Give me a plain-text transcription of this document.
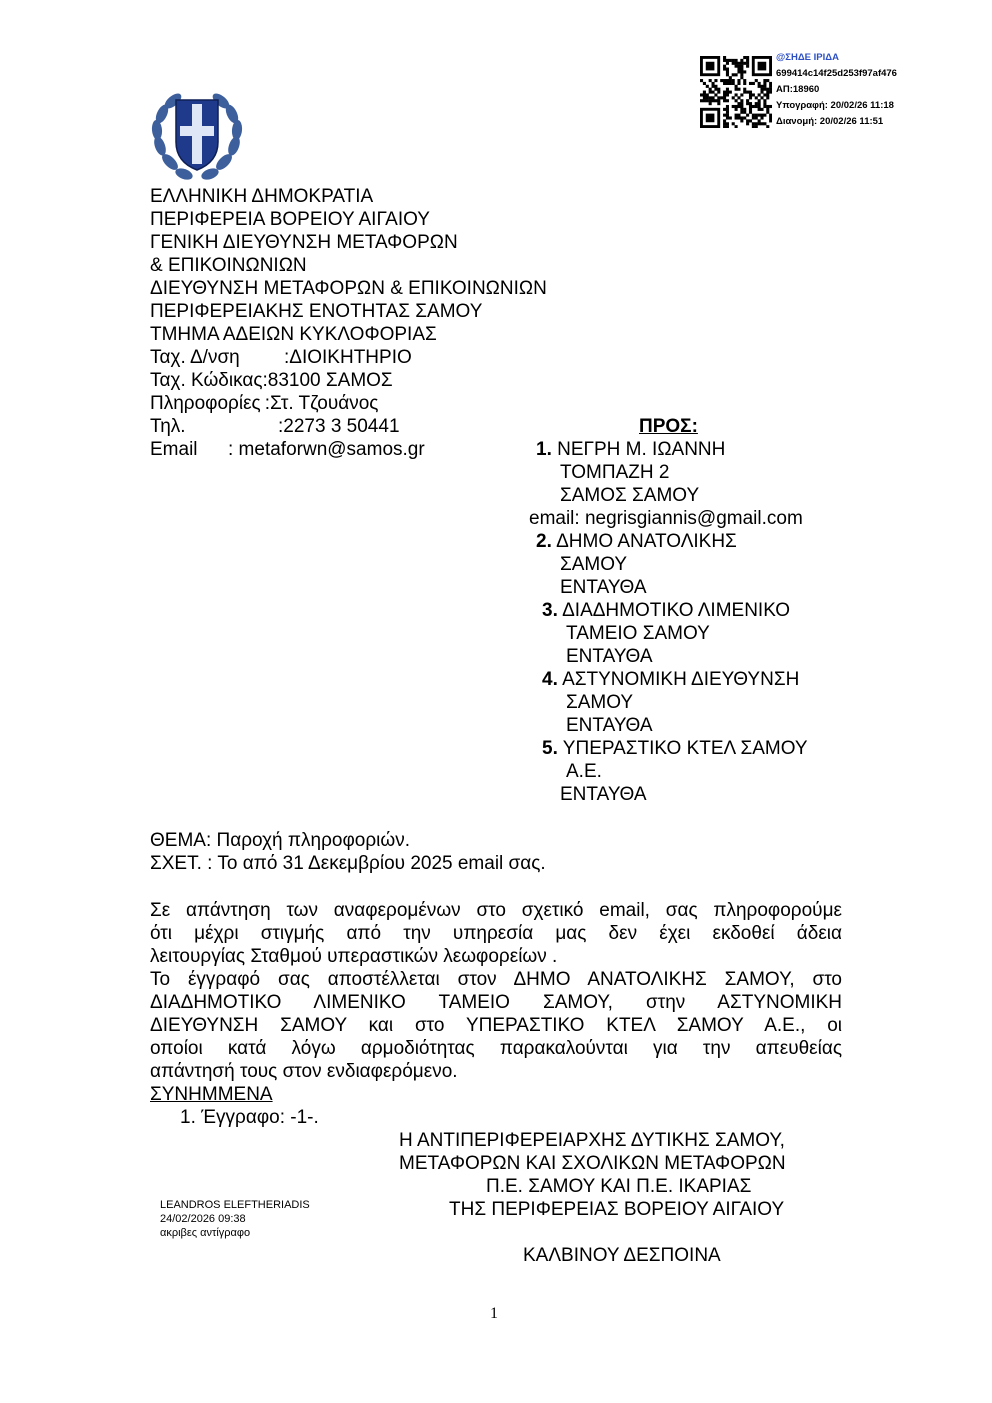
@ΣΗΔΕ ΙΡΙΔΑ
699414c14f25d253f97af476
ΑΠ:18960
Υπογραφή: 20/02/26 11:18
Διανομή: 20/02/26 11:51
ΕΛΛΗΝΙΚΗ ΔΗΜΟΚΡΑΤΙΑ
ΠΕΡΙΦΕΡΕΙΑ ΒΟΡΕΙΟΥ ΑΙΓΑΙΟΥ
ΓΕΝΙΚΗ ΔΙΕΥΘΥΝΣΗ ΜΕΤΑΦΟΡΩΝ
& ΕΠΙΚΟΙΝΩΝΙΩΝ
ΔΙΕΥΘΥΝΣΗ ΜΕΤΑΦΟΡΩΝ & ΕΠΙΚΟΙΝΩΝΙΩΝ
ΠΕΡΙΦΕΡΕΙΑΚΗΣ ΕΝΟΤΗΤΑΣ ΣΑΜΟΥ
ΤΜΗΜΑ ΑΔΕΙΩΝ ΚΥΚΛΟΦΟΡΙΑΣ
Ταχ. Δ/νση :ΔΙΟΙΚΗΤΗΡΙΟ
Ταχ. Κώδικας:83100 ΣΑΜΟΣ
Πληροφορίες :Στ. Τζουάνος
Τηλ.	:2273 3 50441
Email : metaforwn@samos.gr
ΠΡΟΣ:
1. ΝΕΓΡΗ Μ. ΙΩΑΝΝΗ
ΤΟΜΠΑΖΗ 2
ΣΑΜΟΣ ΣΑΜΟΥ
email: negrisgiannis@gmail.com
2. ΔΗΜΟ ΑΝΑΤΟΛΙΚΗΣ
ΣΑΜΟΥ
ΕΝΤΑΥΘΑ
3. ΔΙΑΔΗΜΟΤΙΚΟ ΛΙΜΕΝΙΚΟ
ΤΑΜΕΙΟ ΣΑΜΟΥ
ΕΝΤΑΥΘΑ
4. ΑΣΤΥΝΟΜΙΚΗ ΔΙΕΥΘΥΝΣΗ
ΣΑΜΟΥ
ΕΝΤΑΥΘΑ
5. ΥΠΕΡΑΣΤΙΚΟ ΚΤΕΛ ΣΑΜΟΥ
Α.Ε.
ΕΝΤΑΥΘΑ
ΘΕΜΑ: Παροχή πληροφοριών.
ΣΧΕΤ. : Το από 31 Δεκεμβρίου 2025 email σας.
Σε απάντηση των αναφερομένων στο σχετικό email, σας πληροφορούμε
ότι μέχρι στιγμής από την υπηρεσία μας δεν έχει εκδοθεί άδεια
λειτουργίας Σταθμού υπεραστικών λεωφορείων .
Το έγγραφό σας αποστέλλεται στον ΔΗΜΟ ΑΝΑΤΟΛΙΚΗΣ ΣΑΜΟΥ, στο
ΔΙΑΔΗΜΟΤΙΚΟ ΛΙΜΕΝΙΚΟ ΤΑΜΕΙΟ ΣΑΜΟΥ, στην ΑΣΤΥΝΟΜΙΚΗ
ΔΙΕΥΘΥΝΣΗ ΣΑΜΟΥ και στο ΥΠΕΡΑΣΤΙΚΟ ΚΤΕΛ ΣΑΜΟΥ Α.Ε., οι
οποίοι κατά λόγω αρμοδιότητας παρακαλούνται για την απευθείας
απάντησή τους στον ενδιαφερόμενο.
ΣΥΝΗΜΜΕΝΑ
1. Έγγραφο: -1-.
Η ΑΝΤΙΠΕΡΙΦΕΡΕΙΑΡΧΗΣ ΔΥΤΙΚΗΣ ΣΑΜΟΥ,
ΜΕΤΑΦΟΡΩΝ ΚΑΙ ΣΧΟΛΙΚΩΝ ΜΕΤΑΦΟΡΩΝ
Π.Ε. ΣΑΜΟΥ ΚΑΙ Π.Ε. ΙΚΑΡΙΑΣ
ΤΗΣ ΠΕΡΙΦΕΡΕΙΑΣ ΒΟΡΕΙΟΥ ΑΙΓΑΙΟΥ
ΚΑΛΒΙΝΟΥ ΔΕΣΠΟΙΝΑ
LEANDROS ELEFTHERIADIS
24/02/2026 09:38
ακριβες αντίγραφο
1
